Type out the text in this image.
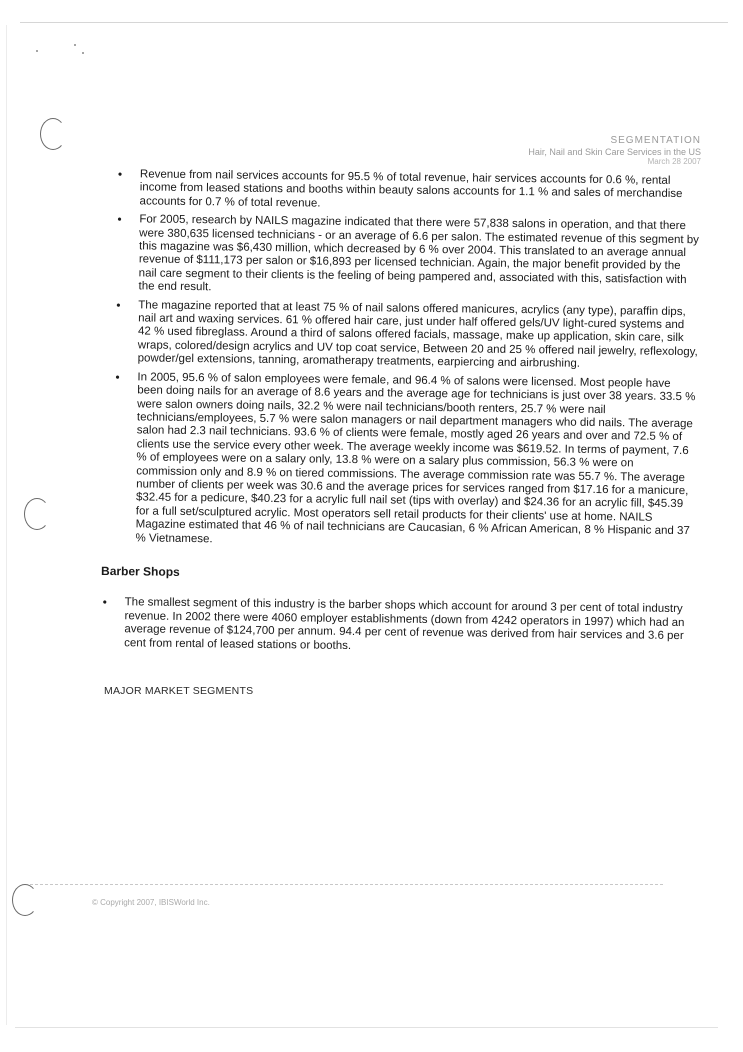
SEGMENTATION
Hair, Nail and Skin Care Services in the US
March 28 2007
• Revenue from nail services accounts for 95.5 % of total revenue, hair services accounts for 0.6 %, rental income from leased stations and booths within beauty salons accounts for 1.1 % and sales of merchandise accounts for 0.7 % of total revenue.
• For 2005, research by NAILS magazine indicated that there were 57,838 salons in operation, and that there were 380,635 licensed technicians - or an average of 6.6 per salon. The estimated revenue of this segment by this magazine was $6,430 million, which decreased by 6 % over 2004. This translated to an average annual revenue of $111,173 per salon or $16,893 per licensed technician. Again, the major benefit provided by the nail care segment to their clients is the feeling of being pampered and, associated with this, satisfaction with the end result.
• The magazine reported that at least 75 % of nail salons offered manicures, acrylics (any type), paraffin dips, nail art and waxing services. 61 % offered hair care, just under half offered gels/UV light-cured systems and 42 % used fibreglass. Around a third of salons offered facials, massage, make up application, skin care, silk wraps, colored/design acrylics and UV top coat service, Between 20 and 25 % offered nail jewelry, reflexology, powder/gel extensions, tanning, aromatherapy treatments, earpiercing and airbrushing.
• In 2005, 95.6 % of salon employees were female, and 96.4 % of salons were licensed. Most people have been doing nails for an average of 8.6 years and the average age for technicians is just over 38 years. 33.5 % were salon owners doing nails, 32.2 % were nail technicians/booth renters, 25.7 % were nail technicians/employees, 5.7 % were salon managers or nail department managers who did nails. The average salon had 2.3 nail technicians. 93.6 % of clients were female, mostly aged 26 years and over and 72.5 % of clients use the service every other week. The average weekly income was $619.52. In terms of payment, 7.6 % of employees were on a salary only, 13.8 % were on a salary plus commission, 56.3 % were on commission only and 8.9 % on tiered commissions. The average commission rate was 55.7 %. The average number of clients per week was 30.6 and the average prices for services ranged from $17.16 for a manicure, $32.45 for a pedicure, $40.23 for a acrylic full nail set (tips with overlay) and $24.36 for an acrylic fill, $45.39 for a full set/sculptured acrylic. Most operators sell retail products for their clients' use at home. NAILS Magazine estimated that 46 % of nail technicians are Caucasian, 6 % African American, 8 % Hispanic and 37 % Vietnamese.
Barber Shops
• The smallest segment of this industry is the barber shops which account for around 3 per cent of total industry revenue. In 2002 there were 4060 employer establishments (down from 4242 operators in 1997) which had an average revenue of $124,700 per annum. 94.4 per cent of revenue was derived from hair services and 3.6 per cent from rental of leased stations or booths.
MAJOR MARKET SEGMENTS
© Copyright 2007, IBISWorld Inc.
